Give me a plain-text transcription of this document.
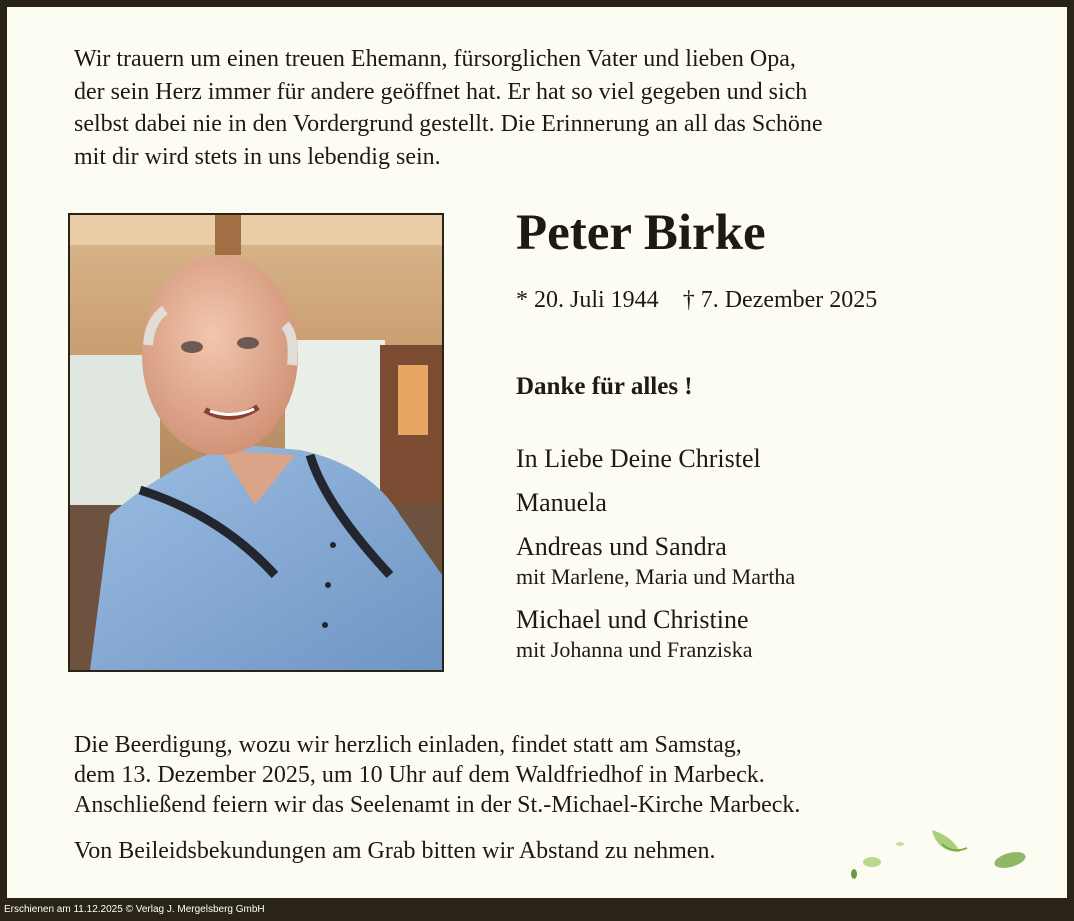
Wir trauern um einen treuen Ehemann, fürsorglichen Vater und lieben Opa,
der sein Herz immer für andere geöffnet hat. Er hat so viel gegeben und sich
selbst dabei nie in den Vordergrund gestellt. Die Erinnerung an all das Schöne
mit dir wird stets in uns lebendig sein.

Peter Birke
* 20. Juli 1944 † 7. Dezember 2025
Danke für alles !
In Liebe Deine Christel
Manuela
Andreas und Sandra
mit Marlene, Maria und Martha
Michael und Christine
mit Johanna und Franziska
Die Beerdigung, wozu wir herzlich einladen, findet statt am Samstag,
dem 13. Dezember 2025, um 10 Uhr auf dem Waldfriedhof in Marbeck.
Anschließend feiern wir das Seelenamt in der St.-Michael-Kirche Marbeck.
Von Beileidsbekundungen am Grab bitten wir Abstand zu nehmen.
Erschienen am 11.12.2025 © Verlag J. Mergelsberg GmbH
